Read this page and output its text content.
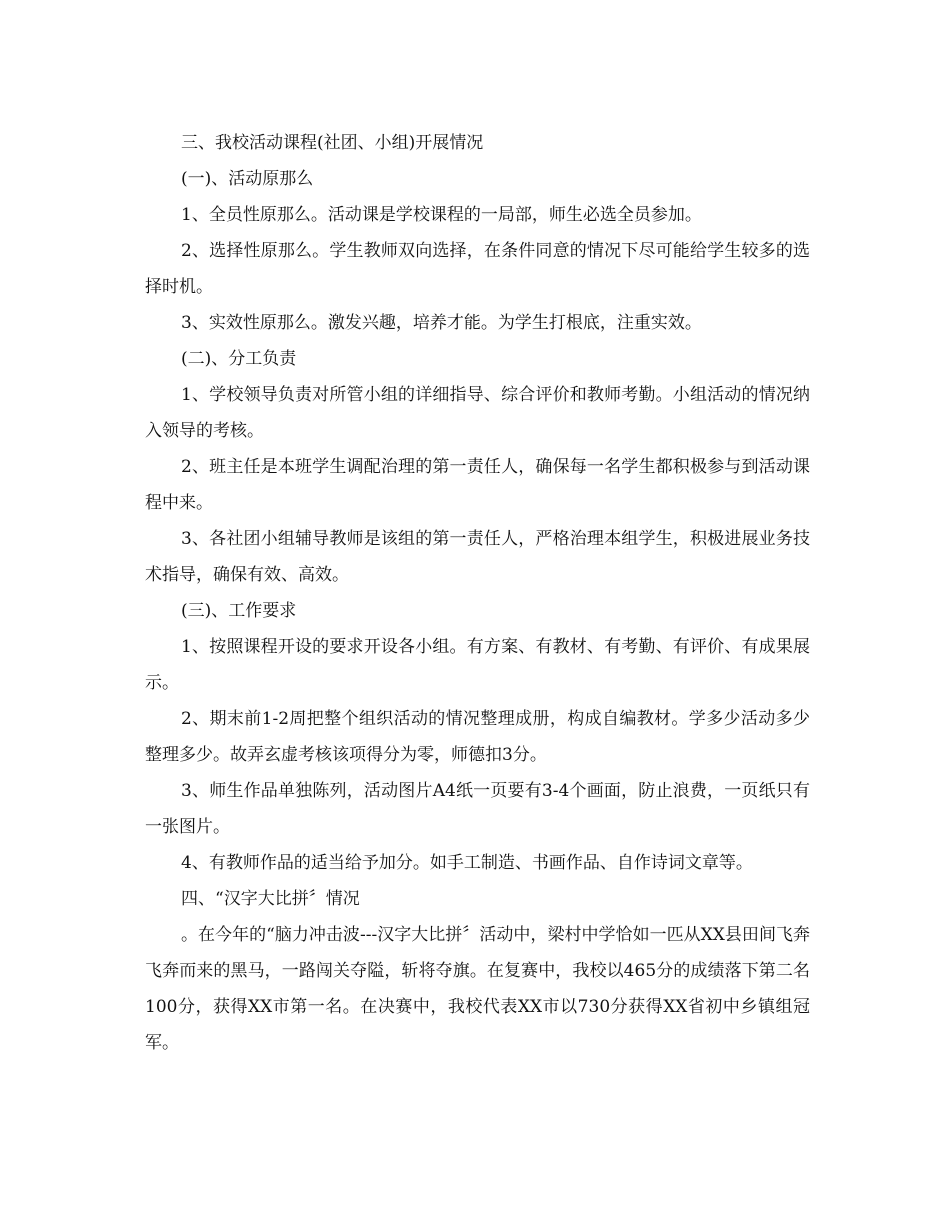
三、我校活动课程(社团、小组)开展情况

(一)、活动原那么

1、全员性原那么。活动课是学校课程的一局部，师生必选全员参加。

2、选择性原那么。学生教师双向选择，在条件同意的情况下尽可能给学生较多的选择时机。

3、实效性原那么。激发兴趣，培养才能。为学生打根底，注重实效。

(二)、分工负责

1、学校领导负责对所管小组的详细指导、综合评价和教师考勤。小组活动的情况纳入领导的考核。

2、班主任是本班学生调配治理的第一责任人，确保每一名学生都积极参与到活动课程中来。

3、各社团小组辅导教师是该组的第一责任人，严格治理本组学生，积极进展业务技术指导，确保有效、高效。

(三)、工作要求

1、按照课程开设的要求开设各小组。有方案、有教材、有考勤、有评价、有成果展示。

2、期末前1-2周把整个组织活动的情况整理成册，构成自编教材。学多少活动多少整理多少。故弄玄虚考核该项得分为零，师德扣3分。

3、师生作品单独陈列，活动图片A4纸一页要有3-4个画面，防止浪费，一页纸只有一张图片。

4、有教师作品的适当给予加分。如手工制造、书画作品、自作诗词文章等。

四、“汉字大比拼〞情况

。在今年的“脑力冲击波---汉字大比拼〞活动中，梁村中学恰如一匹从XX县田间飞奔飞奔而来的黑马，一路闯关夺隘，斩将夺旗。在复赛中，我校以465分的成绩落下第二名100分，获得XX市第一名。在决赛中，我校代表XX市以730分获得XX省初中乡镇组冠军。
